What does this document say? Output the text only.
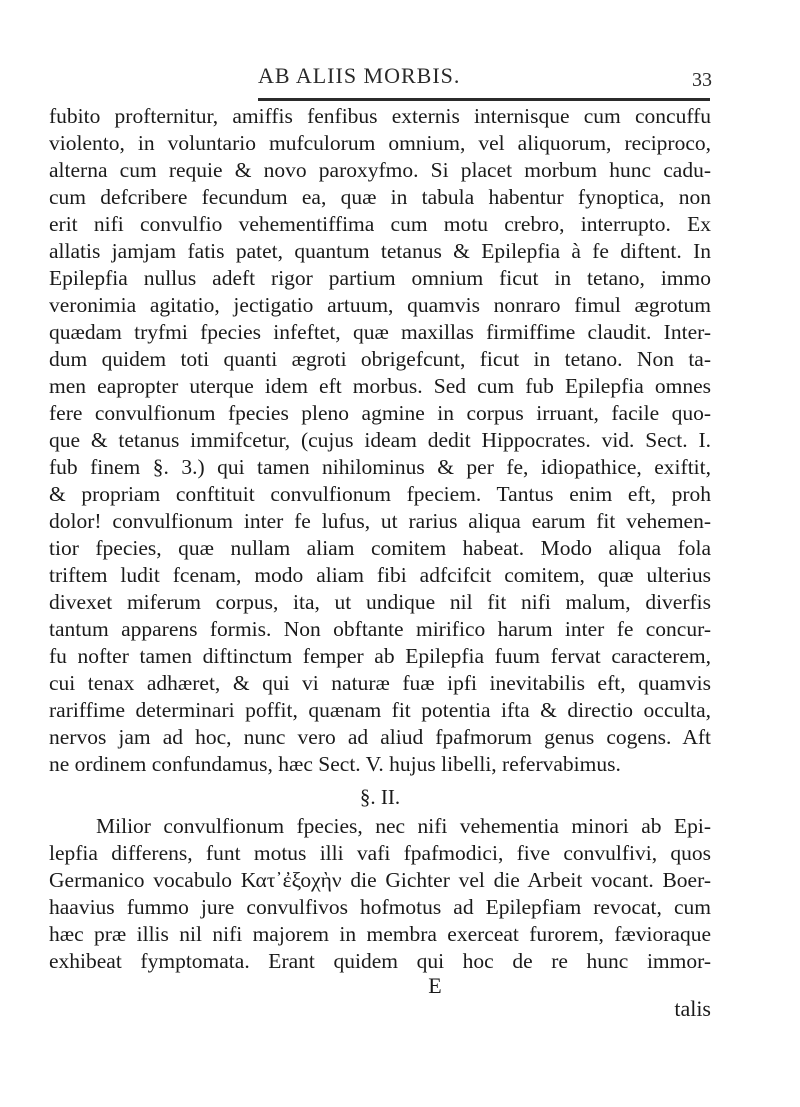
AB ALIIS MORBIS.	33
fubito profternitur, amiffis fenfibus externis internisque cum concuffu
violento, in voluntario mufculorum omnium, vel aliquorum, reciproco,
alterna cum requie & novo paroxyfmo. Si placet morbum hunc cadu-
cum defcribere fecundum ea, quæ in tabula habentur fynoptica, non
erit nifi convulfio vehementiffima cum motu crebro, interrupto. Ex
allatis jamjam fatis patet, quantum tetanus & Epilepfia à fe diftent. In
Epilepfia nullus adeft rigor partium omnium ficut in tetano, immo
veronimia agitatio, jectigatio artuum, quamvis nonraro fimul ægrotum
quædam tryfmi fpecies infeftet, quæ maxillas firmiffime claudit. Inter-
dum quidem toti quanti ægroti obrigefcunt, ficut in tetano. Non ta-
men eapropter uterque idem eft morbus. Sed cum fub Epilepfia omnes
fere convulfionum fpecies pleno agmine in corpus irruant, facile quo-
que & tetanus immifcetur, (cujus ideam dedit Hippocrates. vid. Sect. I.
fub finem §. 3.) qui tamen nihilominus & per fe, idiopathice, exiftit,
& propriam conftituit convulfionum fpeciem. Tantus enim eft, proh
dolor! convulfionum inter fe lufus, ut rarius aliqua earum fit vehemen-
tior fpecies, quæ nullam aliam comitem habeat. Modo aliqua fola
triftem ludit fcenam, modo aliam fibi adfcifcit comitem, quæ ulterius
divexet miferum corpus, ita, ut undique nil fit nifi malum, diverfis
tantum apparens formis. Non obftante mirifico harum inter fe concur-
fu nofter tamen diftinctum femper ab Epilepfia fuum fervat caracterem,
cui tenax adhæret, & qui vi naturæ fuæ ipfi inevitabilis eft, quamvis
rariffime determinari poffit, quænam fit potentia ifta & directio occulta,
nervos jam ad hoc, nunc vero ad aliud fpafmorum genus cogens. Aft
ne ordinem confundamus, hæc Sect. V. hujus libelli, refervabimus.
§. II.
Milior convulfionum fpecies, nec nifi vehementia minori ab Epi-
lepfia differens, funt motus illi vafi fpafmodici, five convulfivi, quos
Germanico vocabulo Κατ᾽ἐξοχὴν die Gichter vel die Arbeit vocant. Boer-
haavius fummo jure convulfivos hofmotus ad Epilepfiam revocat, cum
hæc præ illis nil nifi majorem in membra exerceat furorem, fævioraque
exhibeat fymptomata. Erant quidem qui hoc de re hunc immor-
E
talis
